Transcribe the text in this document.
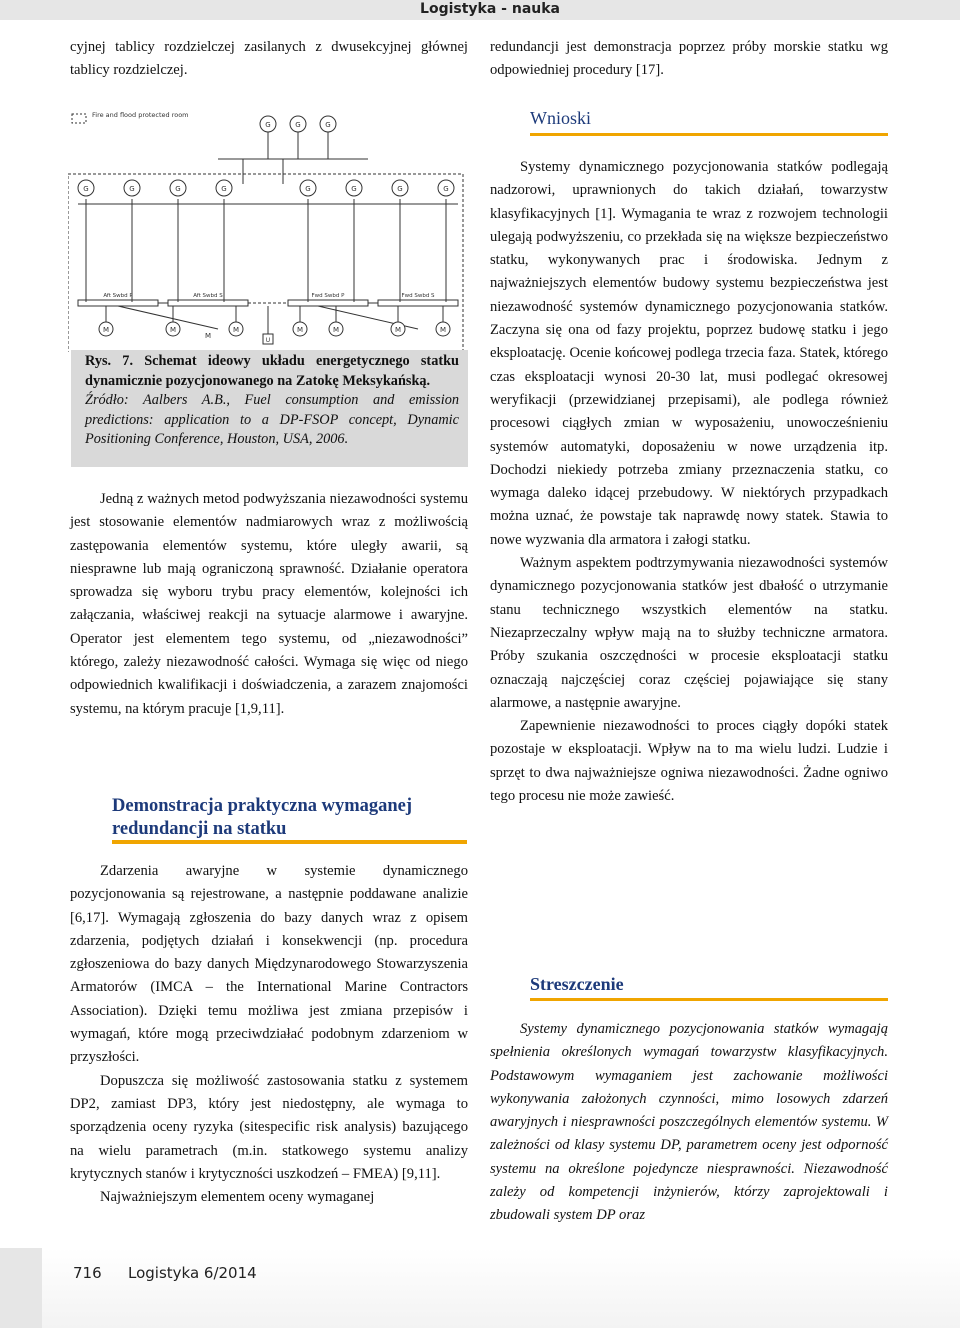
Logistyka - nauka

cyjnej tablicy rozdzielczej zasilanych z dwusekcyjnej głównej tablicy rozdzielczej.

Fire and flood protected room
G	G	G
G	G	G	G	G	G	G	G
Aft Swbd P	Aft Swbd S	Fwd Swbd P	Fwd Swbd S
M	M	M
U
M	M	M	M
M
Rys. 7. Schemat ideowy układu energetycznego statku dynamicznie pozycjonowanego na Zatokę Meksykańską.
Źródło: Aalbers A.B., Fuel consumption and emission predictions: application to a DP-FSOP concept, Dynamic Positioning Conference, Houston, USA, 2006.

Jedną z ważnych metod podwyższania niezawodności systemu jest stosowanie elementów nadmiarowych wraz z możliwością zastępowania elementów systemu, które uległy awarii, są niesprawne lub mają ograniczoną sprawność. Działanie operatora sprowadza się wyboru trybu pracy elementów, kolejności ich załączania, właściwej reakcji na sytuacje alarmowe i awaryjne. Operator jest elementem tego systemu, od „niezawodności” którego, zależy niezawodność całości. Wymaga się więc od niego odpowiednich kwalifikacji i doświadczenia, a zarazem znajomości systemu, na którym pracuje [1,9,11].

Demonstracja praktyczna wymaganej redundancji na statku

Zdarzenia awaryjne w systemie dynamicznego pozycjonowania są rejestrowane, a następnie poddawane analizie [6,17]. Wymagają zgłoszenia do bazy danych wraz z opisem zdarzenia, podjętych działań i konsekwencji (np. procedura zgłoszeniowa do bazy danych Międzynarodowego Stowarzyszenia Armatorów (IMCA – the International Marine Contractors Association). Dzięki temu możliwa jest zmiana przepisów i wymagań, które mogą przeciwdziałać podobnym zdarzeniom w przyszłości.

Dopuszcza się możliwość zastosowania statku z systemem DP2, zamiast DP3, który jest niedostępny, ale wymaga to sporządzenia oceny ryzyka (sitespecific risk analysis) bazującego na wielu parametrach (m.in. statkowego systemu analizy krytycznych stanów i krytyczności uszkodzeń – FMEA) [9,11].

Najważniejszym elementem oceny wymaganej

redundancji jest demonstracja poprzez próby morskie statku wg odpowiedniej procedury [17].

Wnioski

Systemy dynamicznego pozycjonowania statków podlegają nadzorowi, uprawnionych do takich działań, towarzystw klasyfikacyjnych [1]. Wymagania te wraz z rozwojem technologii ulegają podwyższeniu, co przekłada się na większe bezpieczeństwo statku, wykonywanych prac i środowiska. Jednym z najważniejszych elementów budowy systemu bezpieczeństwa jest niezawodność systemów dynamicznego pozycjonowania statków. Zaczyna się ona od fazy projektu, poprzez budowę statku i jego eksploatację. Ocenie końcowej podlega trzecia faza. Statek, którego czas eksploatacji wynosi 20-30 lat, musi podlegać okresowej weryfikacji (przewidzianej przepisami), ale podlega również procesowi ciągłych zmian w wyposażeniu, unowocześnieniu systemów automatyki, doposażeniu w nowe urządzenia itp. Dochodzi niekiedy potrzeba zmiany przeznaczenia statku, co wymaga daleko idącej przebudowy. W niektórych przypadkach można uznać, że powstaje tak naprawdę nowy statek. Stawia to nowe wyzwania dla armatora i załogi statku.

Ważnym aspektem podtrzymywania niezawodności systemów dynamicznego pozycjonowania statków jest dbałość o utrzymanie stanu technicznego wszystkich elementów na statku. Niezaprzeczalny wpływ mają na to służby techniczne armatora. Próby szukania oszczędności w procesie eksploatacji statku oznaczają najczęściej coraz częściej pojawiające się stany alarmowe, a następnie awaryjne.

Zapewnienie niezawodności to proces ciągły dopóki statek pozostaje w eksploatacji. Wpływ na to ma wielu ludzi. Ludzie i sprzęt to dwa najważniejsze ogniwa niezawodności. Żadne ogniwo tego procesu nie może zawieść.

Streszczenie

Systemy dynamicznego pozycjonowania statków wymagają spełnienia określonych wymagań towarzystw klasyfikacyjnych. Podstawowym wymaganiem jest zachowanie możliwości wykonywania założonych czynności, mimo losowych zdarzeń awaryjnych i niesprawności poszczególnych elementów systemu. W zależności od klasy systemu DP, parametrem oceny jest odporność systemu na określone pojedyncze niesprawności. Niezawodność zależy od kompetencji inżynierów, którzy zaprojektowali i zbudowali system DP oraz

716 Logistyka 6/2014
